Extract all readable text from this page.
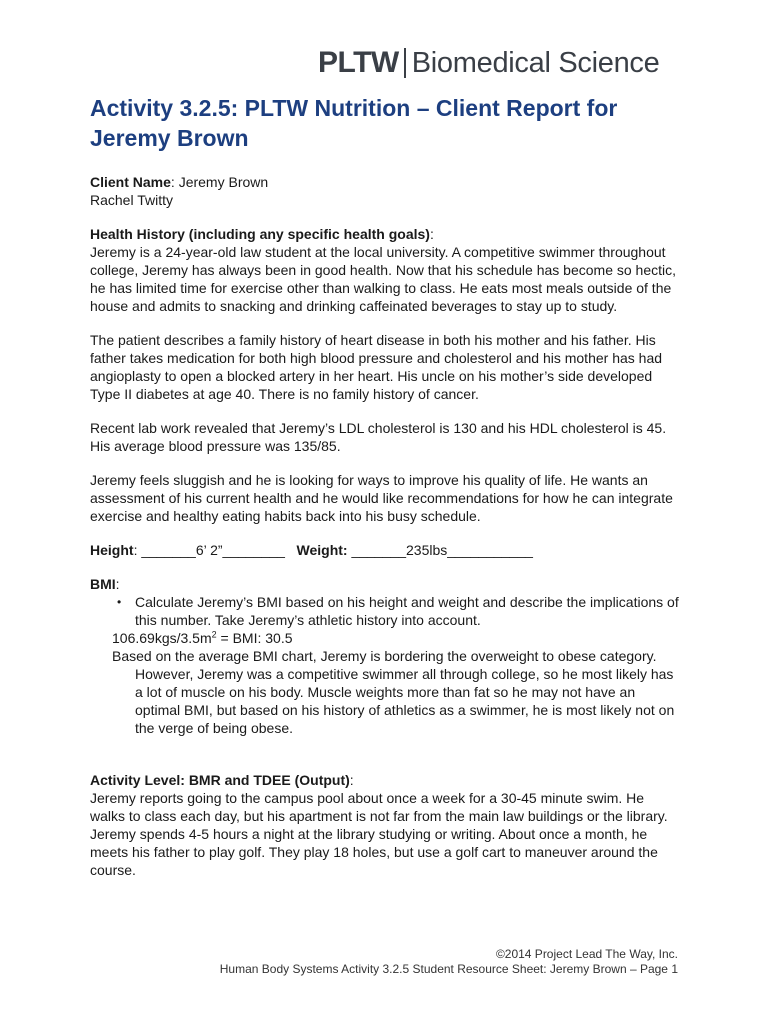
PLTW Biomedical Science
Activity 3.2.5: PLTW Nutrition – Client Report for Jeremy Brown

Client Name: Jeremy Brown

Rachel Twitty

Health History (including any specific health goals):

Jeremy is a 24-year-old law student at the local university. A competitive swimmer throughout college, Jeremy has always been in good health. Now that his schedule has become so hectic, he has limited time for exercise other than walking to class. He eats most meals outside of the house and admits to snacking and drinking caffeinated beverages to stay up to study.

The patient describes a family history of heart disease in both his mother and his father. His father takes medication for both high blood pressure and cholesterol and his mother has had angioplasty to open a blocked artery in her heart. His uncle on his mother’s side developed Type II diabetes at age 40. There is no family history of cancer.

Recent lab work revealed that Jeremy’s LDL cholesterol is 130 and his HDL cholesterol is 45. His average blood pressure was 135/85.

Jeremy feels sluggish and he is looking for ways to improve his quality of life. He wants an assessment of his current health and he would like recommendations for how he can integrate exercise and healthy eating habits back into his busy schedule.

Height: _______6’ 2”________ Weight: _______235lbs___________

BMI:

• Calculate Jeremy’s BMI based on his height and weight and describe the implications of this number. Take Jeremy’s athletic history into account.

$106.69kgs/3.5m^2$ = BMI: 30.5

Based on the average BMI chart, Jeremy is bordering the overweight to obese category. However, Jeremy was a competitive swimmer all through college, so he most likely has a lot of muscle on his body. Muscle weights more than fat so he may not have an optimal BMI, but based on his history of athletics as a swimmer, he is most likely not on the verge of being obese.

Activity Level: BMR and TDEE (Output):

Jeremy reports going to the campus pool about once a week for a 30-45 minute swim. He walks to class each day, but his apartment is not far from the main law buildings or the library. Jeremy spends 4-5 hours a night at the library studying or writing. About once a month, he meets his father to play golf. They play 18 holes, but use a golf cart to maneuver around the course.

©2014 Project Lead The Way, Inc.
Human Body Systems Activity 3.2.5 Student Resource Sheet: Jeremy Brown – Page 1
